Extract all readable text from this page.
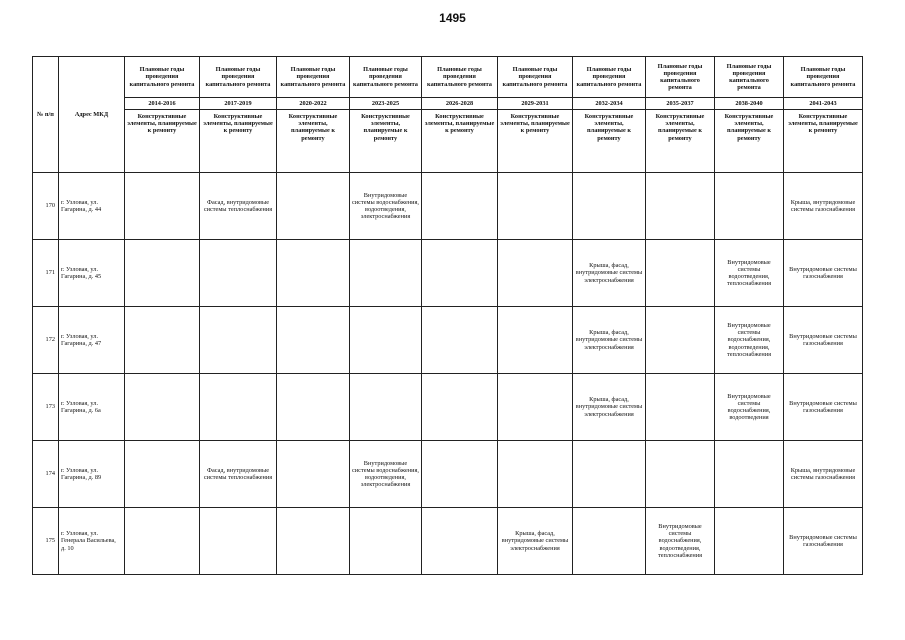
1495
№ п/п	Адрес МКД	Плановые годы проведения капитального ремонта	Плановые годы проведения капитального ремонта	Плановые годы проведения капитального ремонта	Плановые годы проведения капитального ремонта	Плановые годы проведения капитального ремонта	Плановые годы проведения капитального ремонта	Плановые годы проведения капитального ремонта	Плановые годы проведения капитального ремонта	Плановые годы проведения капитального ремонта	Плановые годы проведения капитального ремонта
		2014-2016	2017-2019	2020-2022	2023-2025	2026-2028	2029-2031	2032-2034	2035-2037	2038-2040	2041-2043
		Конструктивные элементы, планируемые к ремонту	Конструктивные элементы, планируемые к ремонту	Конструктивные элементы, планируемые к ремонту	Конструктивные элементы, планируемые к ремонту	Конструктивные элементы, планируемые к ремонту	Конструктивные элементы, планируемые к ремонту	Конструктивные элементы, планируемые к ремонту	Конструктивные элементы, планируемые к ремонту	Конструктивные элементы, планируемые к ремонту	Конструктивные элементы, планируемые к ремонту
170	г. Узловая, ул. Гагарина, д. 44		Фасад, внутридомовые системы теплоснабжения		Внутридомовые системы водоснабжения, водоотведения, электроснабжения						Крыша, внутридомовые системы газоснабжения
171	г. Узловая, ул. Гагарина, д. 45							Крыша, фасад, внутридомовые системы электроснабжения		Внутридомовые системы водоотведения, теплоснабжения	Внутридомовые системы газоснабжения
172	г. Узловая, ул. Гагарина, д. 47							Крыша, фасад, внутридомовые системы электроснабжения		Внутридомовые системы водоснабжения, водоотведения, теплоснабжения	Внутридомовые системы газоснабжения
173	г. Узловая, ул. Гагарина, д. 6а							Крыша, фасад, внутридомовые системы электроснабжения		Внутридомовые системы водоснабжения, водоотведения	Внутридомовые системы газоснабжения
174	г. Узловая, ул. Гагарина, д. 89		Фасад, внутридомовые системы теплоснабжения		Внутридомовые системы водоснабжения, водоотведения, электроснабжения						Крыша, внутридомовые системы газоснабжения
175	г. Узловая, ул. Генерала Васильева, д. 10						Крыша, фасад, внутридомовые системы электроснабжения		Внутридомовые системы водоснабжения, водоотведения, теплоснабжения		Внутридомовые системы газоснабжения
